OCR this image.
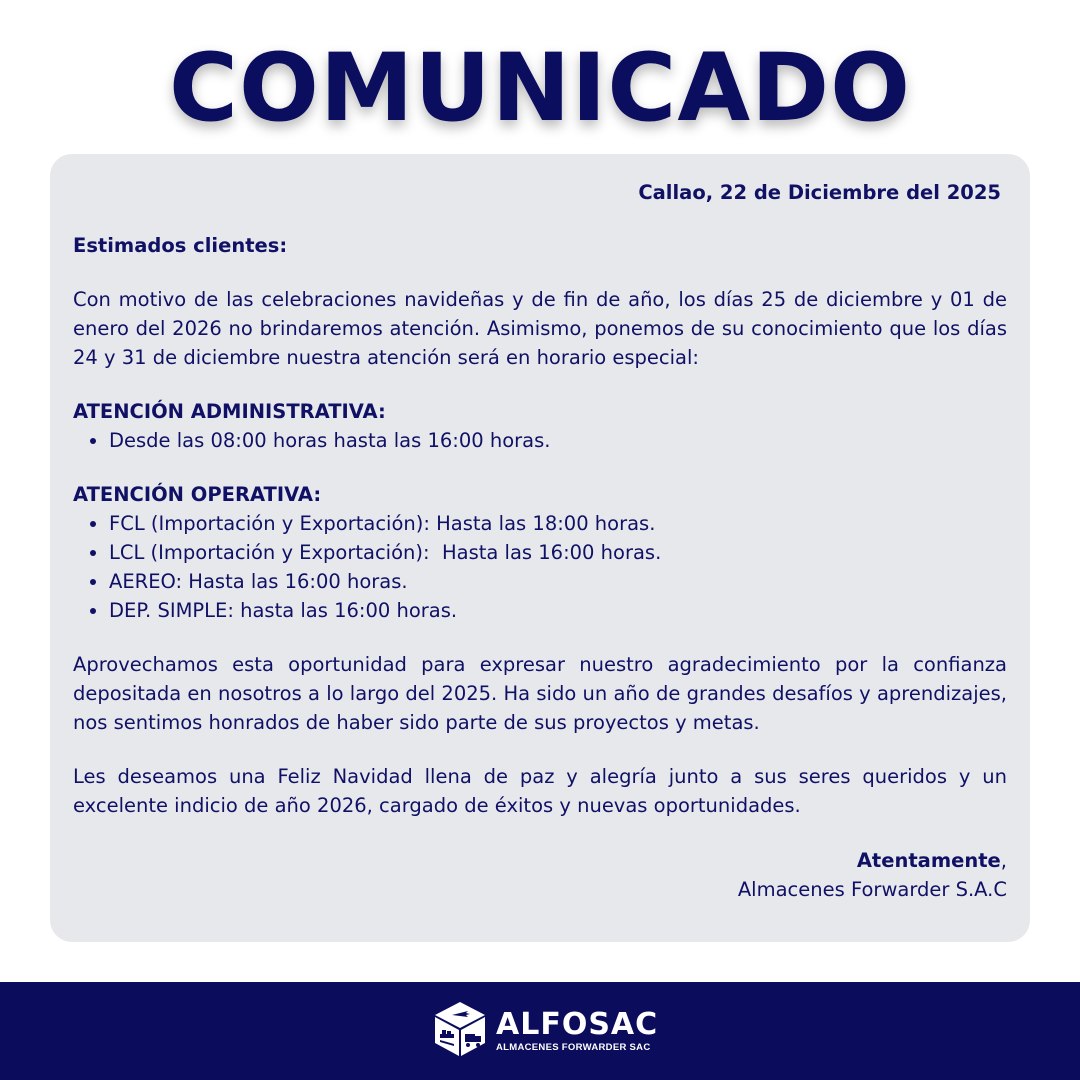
COMUNICADO
Callao, 22 de Diciembre del 2025
Estimados clientes:
Con motivo de las celebraciones navideñas y de fin de año, los días 25 de diciembre y 01 de enero del 2026 no brindaremos atención. Asimismo, ponemos de su conocimiento que los días 24 y 31 de diciembre nuestra atención será en horario especial:
ATENCIÓN ADMINISTRATIVA:
• Desde las 08:00 horas hasta las 16:00 horas.
ATENCIÓN OPERATIVA:
• FCL (Importación y Exportación): Hasta las 18:00 horas.
• LCL (Importación y Exportación):  Hasta las 16:00 horas.
• AEREO: Hasta las 16:00 horas.
• DEP. SIMPLE: hasta las 16:00 horas.
Aprovechamos esta oportunidad para expresar nuestro agradecimiento por la confianza depositada en nosotros a lo largo del 2025. Ha sido un año de grandes desafíos y aprendizajes, nos sentimos honrados de haber sido parte de sus proyectos y metas.
Les deseamos una Feliz Navidad llena de paz y alegría junto a sus seres queridos y un excelente indicio de año 2026, cargado de éxitos y nuevas oportunidades.
Atentamente,
Almacenes Forwarder S.A.C
ALFOSAC
ALMACENES FORWARDER SAC
